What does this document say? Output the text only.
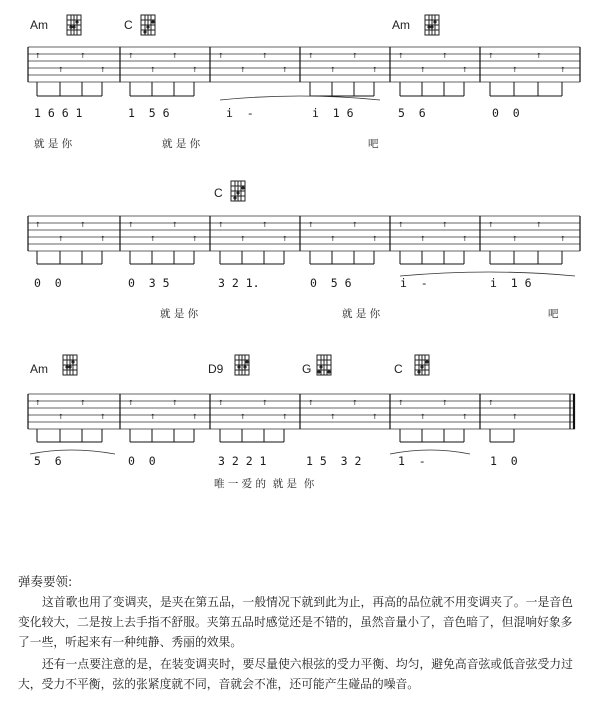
Am	C	Am
↑
↑
↑
↑
↑
↑
↑
↑
↑
↑
↑
↑
↑
↑
↑
↑
↑
↑
↑
↑
↑
↑
↑
↑
1 6 6 1	1  5 6	i  -	i  1 6	5  6	0  0
就 是 你	就 是 你	吧
C
↑
↑
↑
↑
↑
↑
↑
↑
↑
↑
↑
↑
↑
↑
↑
↑
↑
↑
↑
↑
↑
↑
↑
↑
0  0	0  3 5	3 2 1.	0  5 6	i  -	i  1 6
就 是 你	就 是 你	吧
Am	D9	G	C
↑
↑
↑
↑
↑
↑
↑
↑
↑
↑
↑
↑
↑
↑
↑
↑
↑
↑
↑
↑
↑
↑
5  6	0  0	3 2 2 1	1 5  3 2	1  -	1  0
唯 一 爱 的  就 是  你
弹奏要领:

这首歌也用了变调夹，是夹在第五品，一般情况下就到此为止，再高的品位就不用变调夹了。一是音色变化较大，二是按上去手指不舒服。夹第五品时感觉还是不错的，虽然音量小了，音色暗了，但混响好象多了一些，听起来有一种纯静、秀丽的效果。

还有一点要注意的是，在装变调夹时，要尽量使六根弦的受力平衡、均匀，避免高音弦或低音弦受力过大，受力不平衡，弦的张紧度就不同，音就会不准，还可能产生碰品的噪音。
